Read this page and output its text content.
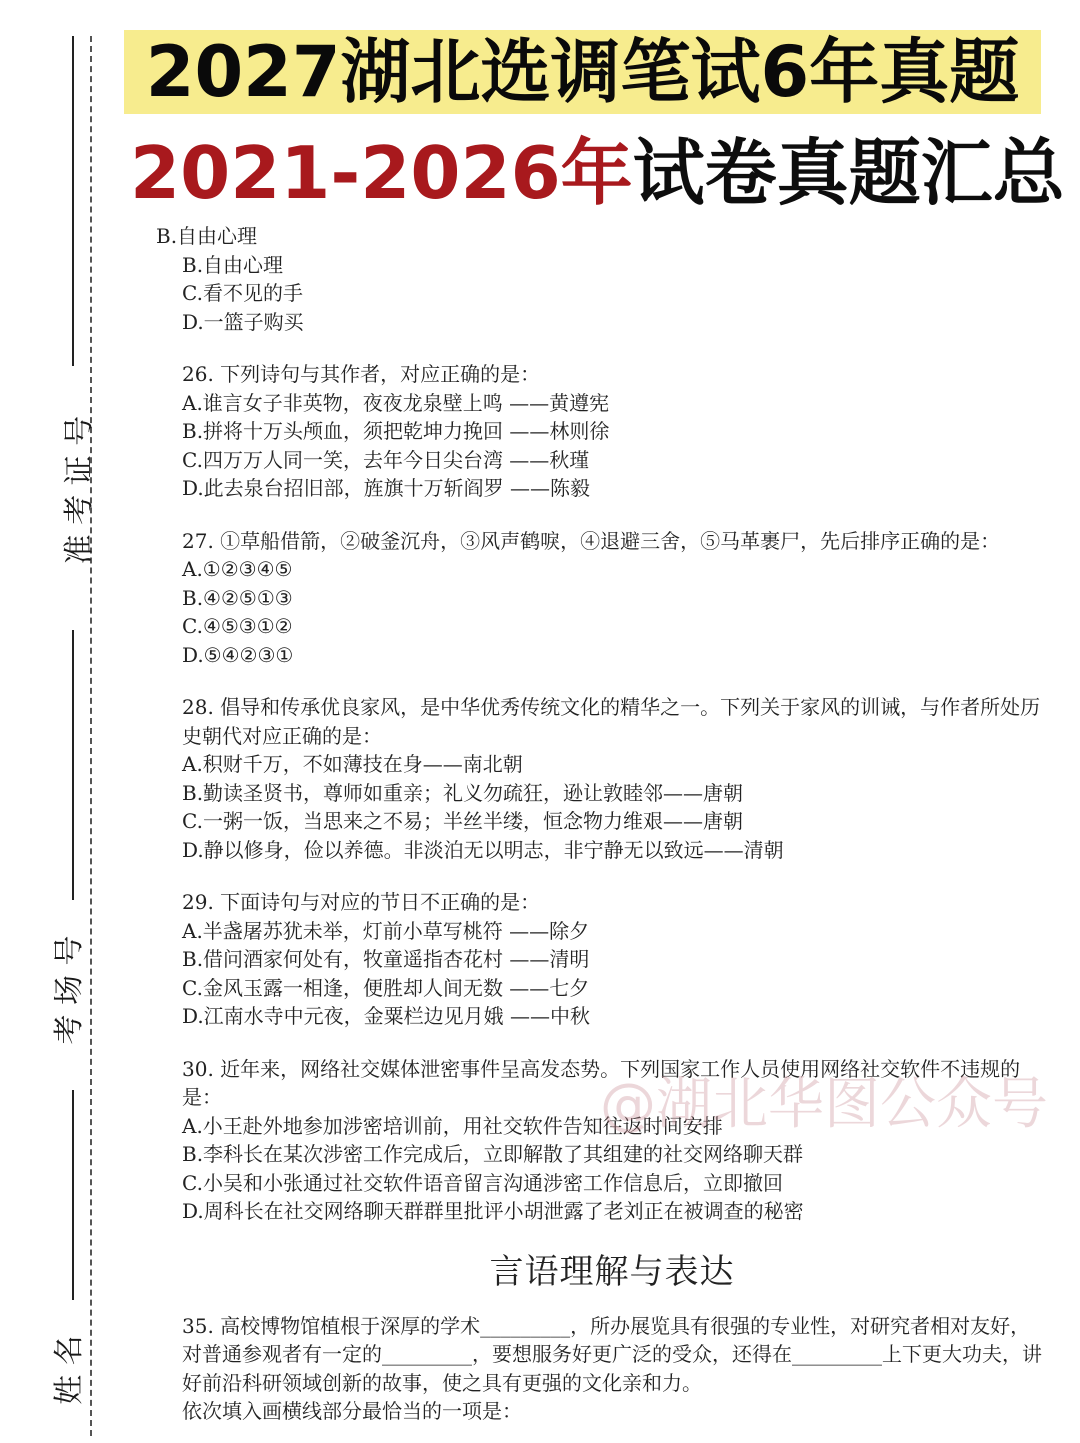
2027湖北选调笔试6年真题
2021-2026年试卷真题汇总
准 考 证 号
考 场 号
姓 名
B.自由心理
B.自由心理
C.看不见的手
D.一篮子购买
26. 下列诗句与其作者，对应正确的是：
A.谁言女子非英物，夜夜龙泉壁上鸣 ——黄遵宪
B.拼将十万头颅血，须把乾坤力挽回 ——林则徐
C.四万万人同一笑，去年今日尖台湾 ——秋瑾
D.此去泉台招旧部，旌旗十万斩阎罗 ——陈毅
27. ①草船借箭，②破釜沉舟，③风声鹤唳，④退避三舍，⑤马革裹尸，先后排序正确的是：
A.①②③④⑤
B.④②⑤①③
C.④⑤③①②
D.⑤④②③①
28. 倡导和传承优良家风，是中华优秀传统文化的精华之一。下列关于家风的训诫，与作者所处历史朝代对应正确的是：
A.积财千万，不如薄技在身——南北朝
B.勤读圣贤书，尊师如重亲；礼义勿疏狂，逊让敦睦邻——唐朝
C.一粥一饭，当思来之不易；半丝半缕，恒念物力维艰——唐朝
D.静以修身，俭以养德。非淡泊无以明志，非宁静无以致远——清朝
29. 下面诗句与对应的节日不正确的是：
A.半盏屠苏犹未举，灯前小草写桃符 ——除夕
B.借问酒家何处有，牧童遥指杏花村 ——清明
C.金风玉露一相逢，便胜却人间无数 ——七夕
D.江南水寺中元夜，金粟栏边见月娥 ——中秋
30. 近年来，网络社交媒体泄密事件呈高发态势。下列国家工作人员使用网络社交软件不违规的是：
A.小王赴外地参加涉密培训前，用社交软件告知往返时间安排
B.李科长在某次涉密工作完成后，立即解散了其组建的社交网络聊天群
C.小吴和小张通过社交软件语音留言沟通涉密工作信息后，立即撤回
D.周科长在社交网络聊天群群里批评小胡泄露了老刘正在被调查的秘密
言语理解与表达
35. 高校博物馆植根于深厚的学术_________，所办展览具有很强的专业性，对研究者相对友好，对普通参观者有一定的_________，要想服务好更广泛的受众，还得在_________上下更大功夫，讲好前沿科研领域创新的故事，使之具有更强的文化亲和力。
依次填入画横线部分最恰当的一项是：
@湖北华图公众号
